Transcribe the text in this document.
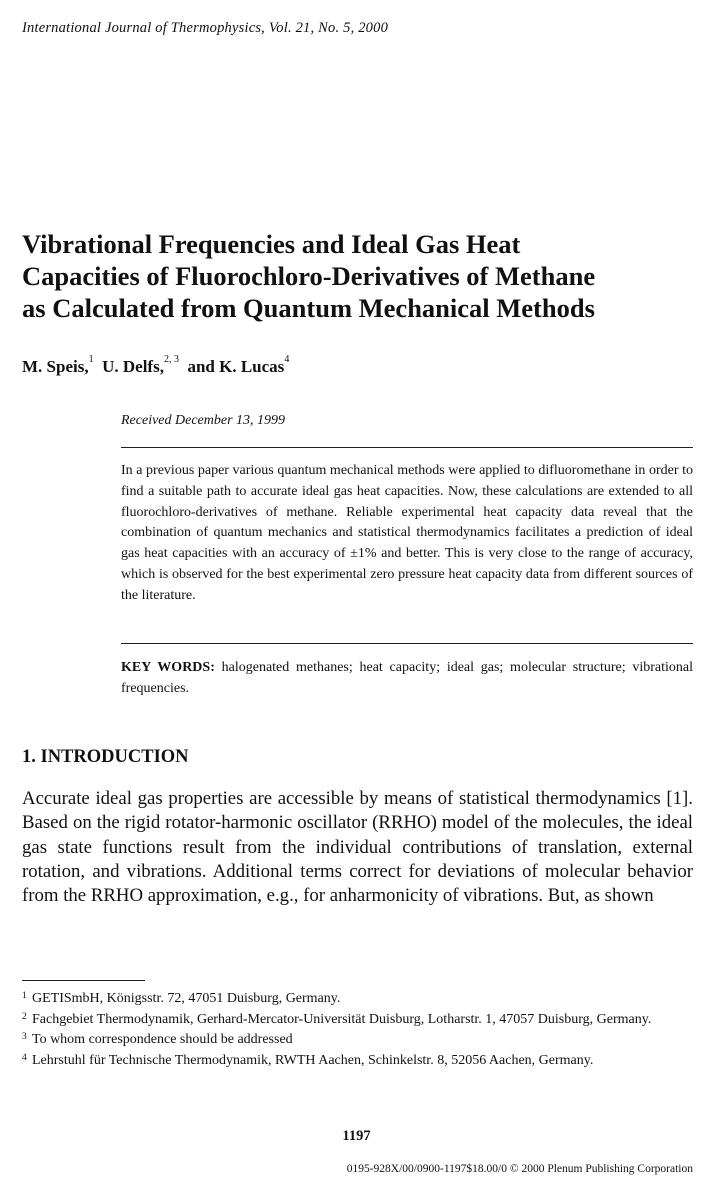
International Journal of Thermophysics, Vol. 21, No. 5, 2000
Vibrational Frequencies and Ideal Gas Heat
Capacities of Fluorochloro-Derivatives of Methane
as Calculated from Quantum Mechanical Methods
M. Speis,$^1$ U. Delfs,$^{2, 3}$ and K. Lucas$^4$
Received December 13, 1999
In a previous paper various quantum mechanical methods were applied to difluoromethane in order to find a suitable path to accurate ideal gas heat capacities. Now, these calculations are extended to all fluorochloro-derivatives of methane. Reliable experimental heat capacity data reveal that the combination of quantum mechanics and statistical thermodynamics facilitates a prediction of ideal gas heat capacities with an accuracy of ±1% and better. This is very close to the range of accuracy, which is observed for the best experimental zero pressure heat capacity data from different sources of the literature.
KEY WORDS: halogenated methanes; heat capacity; ideal gas; molecular structure; vibrational frequencies.
1. INTRODUCTION
Accurate ideal gas properties are accessible by means of statistical thermodynamics [1]. Based on the rigid rotator-harmonic oscillator (RRHO) model of the molecules, the ideal gas state functions result from the individual contributions of translation, external rotation, and vibrations. Additional terms correct for deviations of molecular behavior from the RRHO approximation, e.g., for anharmonicity of vibrations. But, as shown
1 GETISmbH, Königsstr. 72, 47051 Duisburg, Germany.
2 Fachgebiet Thermodynamik, Gerhard-Mercator-Universität Duisburg, Lotharstr. 1, 47057 Duisburg, Germany.
3 To whom correspondence should be addressed
4 Lehrstuhl für Technische Thermodynamik, RWTH Aachen, Schinkelstr. 8, 52056 Aachen, Germany.
1197
0195-928X/00/0900-1197$18.00/0 © 2000 Plenum Publishing Corporation
